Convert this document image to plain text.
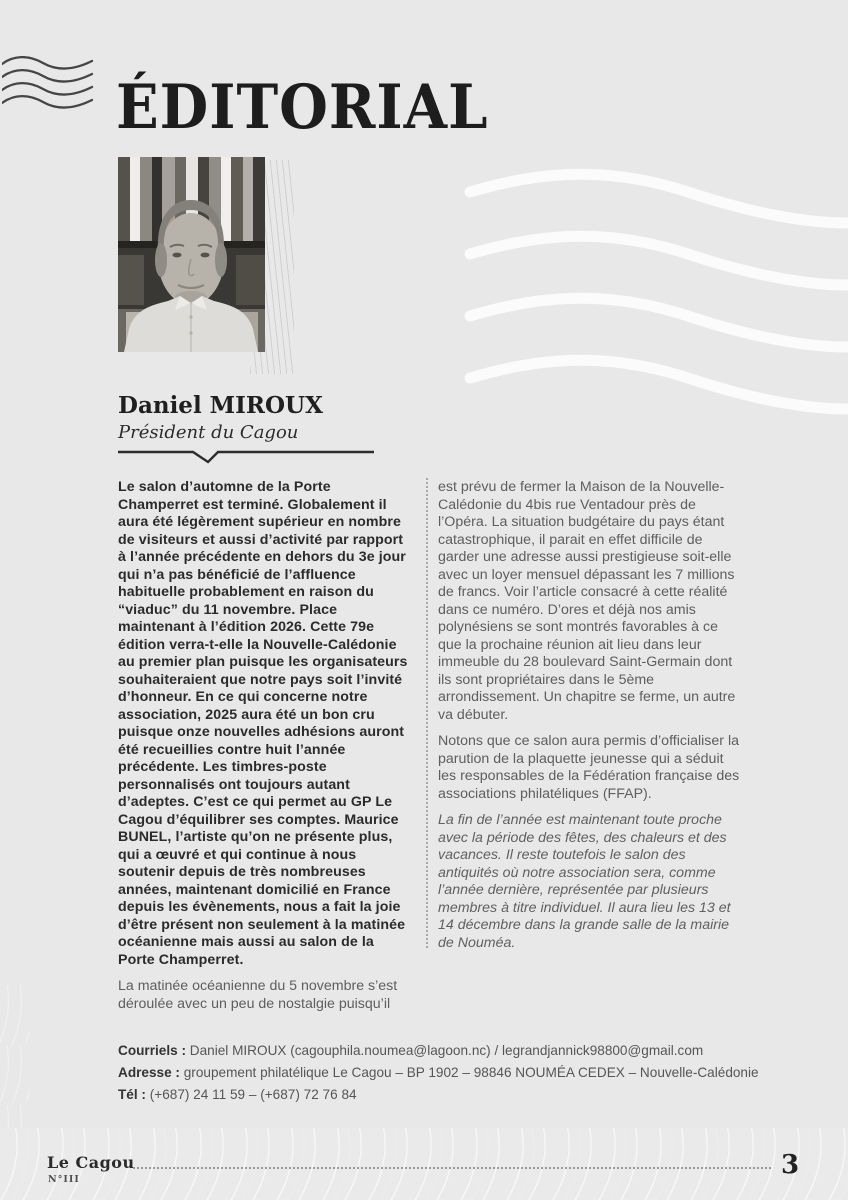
ÉDITORIAL
Daniel MIROUX
Président du Cagou

Le salon d’automne de la Porte Champerret est terminé. Globalement il aura été légèrement supérieur en nombre de visiteurs et aussi d’activité par rapport à l’année précédente en dehors du 3e jour qui n’a pas bénéficié de l’affluence habituelle probablement en raison du “viaduc” du 11 novembre. Place maintenant à l’édition 2026. Cette 79e édition verra-t-elle la Nouvelle-Calédonie au premier plan puisque les organisateurs souhaiteraient que notre pays soit l’invité d’honneur. En ce qui concerne notre association, 2025 aura été un bon cru puisque onze nouvelles adhésions auront été recueillies contre huit l’année précédente. Les timbres-poste personnalisés ont toujours autant d’adeptes. C’est ce qui permet au GP Le Cagou d’équilibrer ses comptes. Maurice BUNEL, l’artiste qu’on ne présente plus, qui a œuvré et qui continue à nous soutenir depuis de très nombreuses années, maintenant domicilié en France depuis les évènements, nous a fait la joie d’être présent non seulement à la matinée océanienne mais aussi au salon de la Porte Champerret.

La matinée océanienne du 5 novembre s’est déroulée avec un peu de nostalgie puisqu’il

est prévu de fermer la Maison de la Nouvelle-Calédonie du 4bis rue Ventadour près de l’Opéra. La situation budgétaire du pays étant catastrophique, il parait en effet difficile de garder une adresse aussi prestigieuse soit-elle avec un loyer mensuel dépassant les 7 millions de francs. Voir l’article consacré à cette réalité dans ce numéro. D’ores et déjà nos amis polynésiens se sont montrés favorables à ce que la prochaine réunion ait lieu dans leur immeuble du 28 boulevard Saint-Germain dont ils sont propriétaires dans le 5ème arrondissement. Un chapitre se ferme, un autre va débuter.

Notons que ce salon aura permis d’officialiser la parution de la plaquette jeunesse qui a séduit les responsables de la Fédération française des associations philatéliques (FFAP).

La fin de l’année est maintenant toute proche avec la période des fêtes, des chaleurs et des vacances. Il reste toutefois le salon des antiquités où notre association sera, comme l’année dernière, représentée par plusieurs membres à titre individuel. Il aura lieu les 13 et 14 décembre dans la grande salle de la mairie de Nouméa.

Courriels : Daniel MIROUX (cagouphila.noumea@lagoon.nc) / legrandjannick98800@gmail.com
Adresse : groupement philatélique Le Cagou – BP 1902 – 98846 NOUMÉA CEDEX – Nouvelle-Calédonie
Tél : (+687) 24 11 59 – (+687) 72 76 84
Le Cagou
N°III	3
